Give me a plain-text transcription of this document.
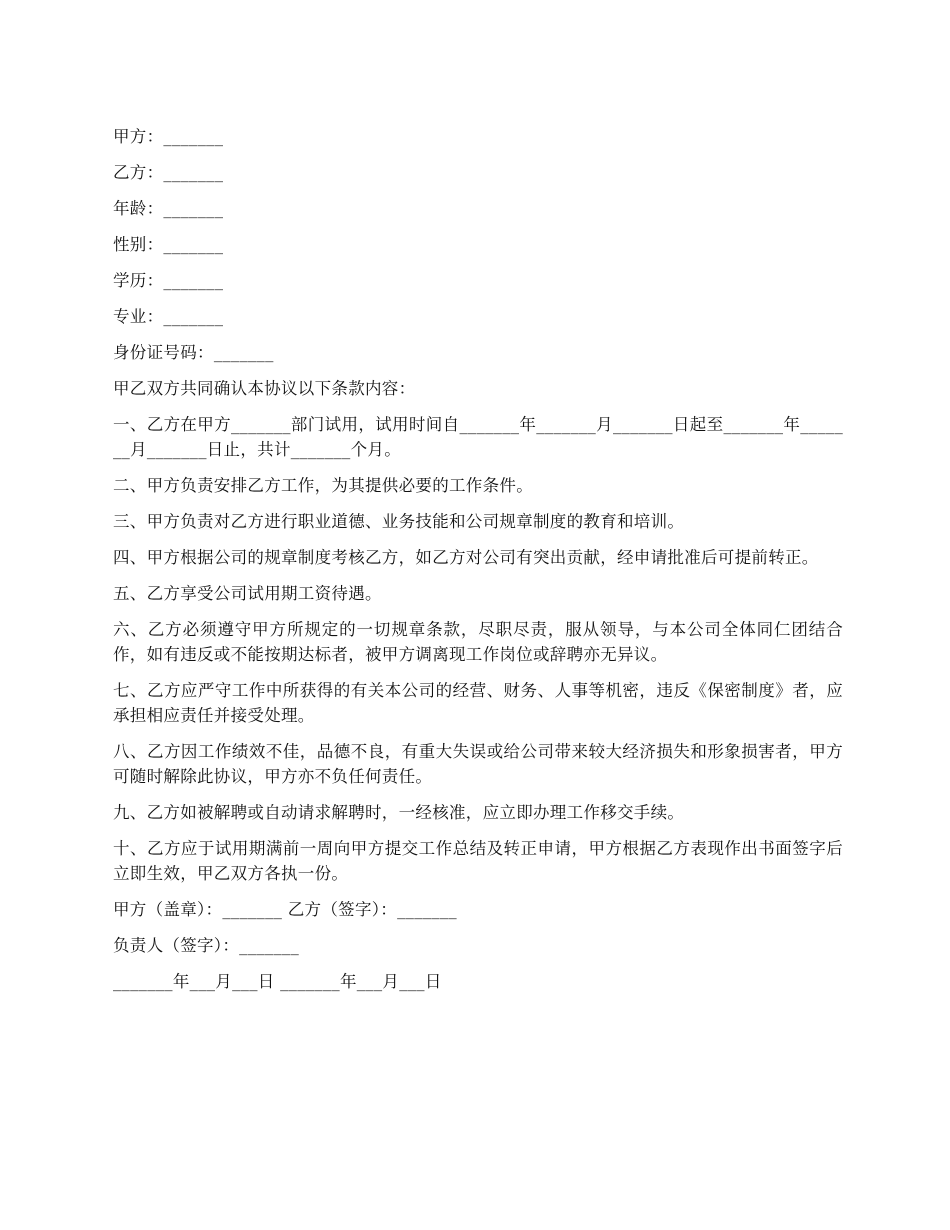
甲方：_______
乙方：_______
年龄：_______
性别：_______
学历：_______
专业：_______
身份证号码：_______
甲乙双方共同确认本协议以下条款内容：
一、乙方在甲方_______部门试用，试用时间自_______年_______月_______日起至_______年_______月_______日止，共计_______个月。
二、甲方负责安排乙方工作，为其提供必要的工作条件。
三、甲方负责对乙方进行职业道德、业务技能和公司规章制度的教育和培训。
四、甲方根据公司的规章制度考核乙方，如乙方对公司有突出贡献，经申请批准后可提前转正。
五、乙方享受公司试用期工资待遇。
六、乙方必须遵守甲方所规定的一切规章条款，尽职尽责，服从领导，与本公司全体同仁团结合作，如有违反或不能按期达标者，被甲方调离现工作岗位或辞聘亦无异议。
七、乙方应严守工作中所获得的有关本公司的经营、财务、人事等机密，违反《保密制度》者，应承担相应责任并接受处理。
八、乙方因工作绩效不佳，品德不良，有重大失误或给公司带来较大经济损失和形象损害者，甲方可随时解除此协议，甲方亦不负任何责任。
九、乙方如被解聘或自动请求解聘时，一经核准，应立即办理工作移交手续。
十、乙方应于试用期满前一周向甲方提交工作总结及转正申请，甲方根据乙方表现作出书面签字后立即生效，甲乙双方各执一份。
甲方（盖章）：_______ 乙方（签字）：_______
负责人（签字）：_______
_______年___月___日 _______年___月___日
